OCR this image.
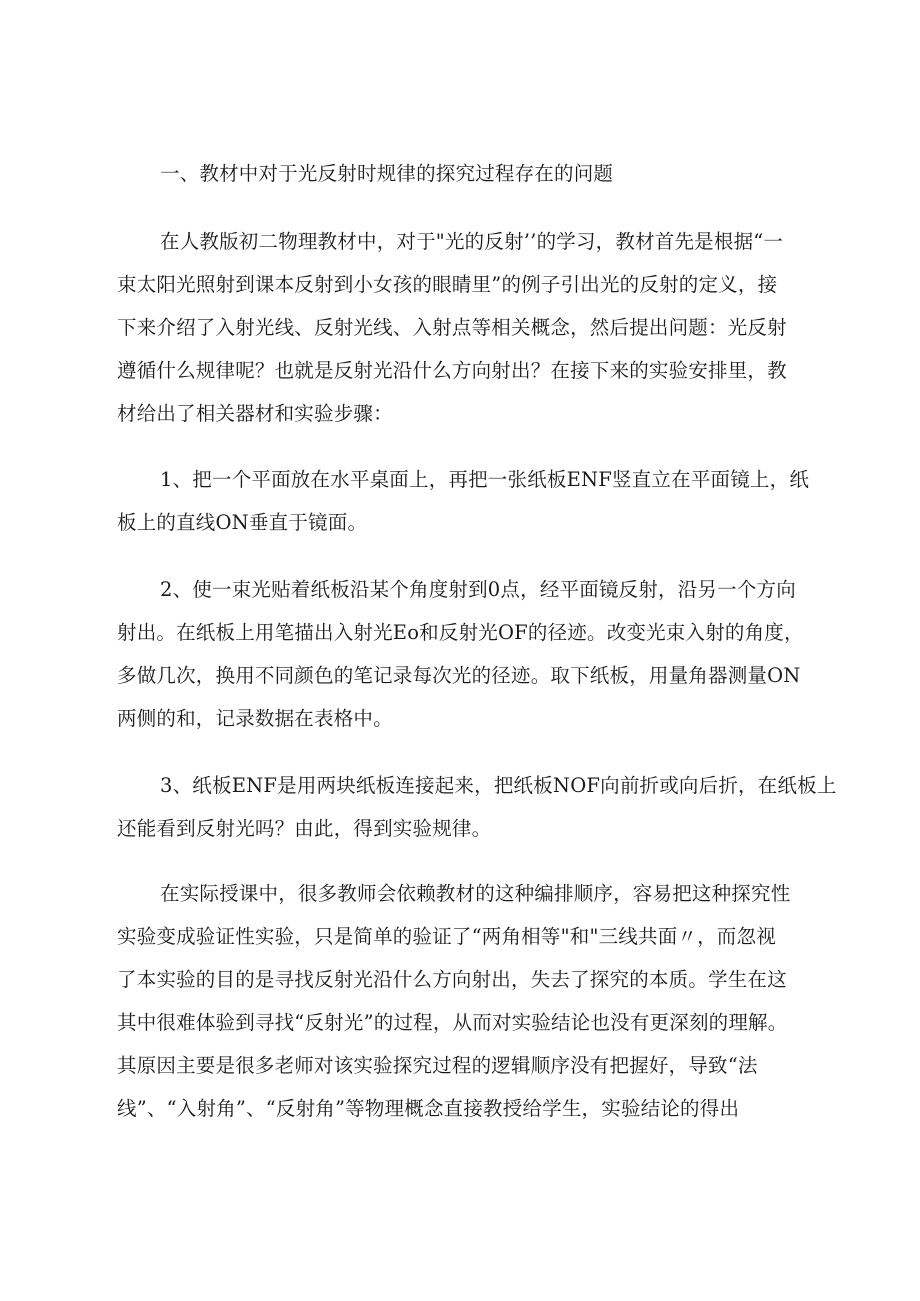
一、教材中对于光反射时规律的探究过程存在的问题
在人教版初二物理教材中，对于"光的反射’’的学习，教材首先是根据“一
束太阳光照射到课本反射到小女孩的眼睛里”的例子引出光的反射的定义，接
下来介绍了入射光线、反射光线、入射点等相关概念，然后提出问题：光反射
遵循什么规律呢？也就是反射光沿什么方向射出？在接下来的实验安排里，教
材给出了相关器材和实验步骤：
1、把一个平面放在水平桌面上，再把一张纸板ENF竖直立在平面镜上，纸
板上的直线ON垂直于镜面。
2、使一束光贴着纸板沿某个角度射到0点，经平面镜反射，沿另一个方向
射出。在纸板上用笔描出入射光Eo和反射光OF的径迹。改变光束入射的角度，
多做几次，换用不同颜色的笔记录每次光的径迹。取下纸板，用量角器测量ON
两侧的和，记录数据在表格中。
3、纸板ENF是用两块纸板连接起来，把纸板NOF向前折或向后折，在纸板上
还能看到反射光吗？由此，得到实验规律。
在实际授课中，很多教师会依赖教材的这种编排顺序，容易把这种探究性
实验变成验证性实验，只是简单的验证了“两角相等"和"三线共面〃，而忽视
了本实验的目的是寻找反射光沿什么方向射出，失去了探究的本质。学生在这
其中很难体验到寻找“反射光”的过程，从而对实验结论也没有更深刻的理解。
其原因主要是很多老师对该实验探究过程的逻辑顺序没有把握好，导致“法
线”、“入射角”、“反射角”等物理概念直接教授给学生，实验结论的得出
